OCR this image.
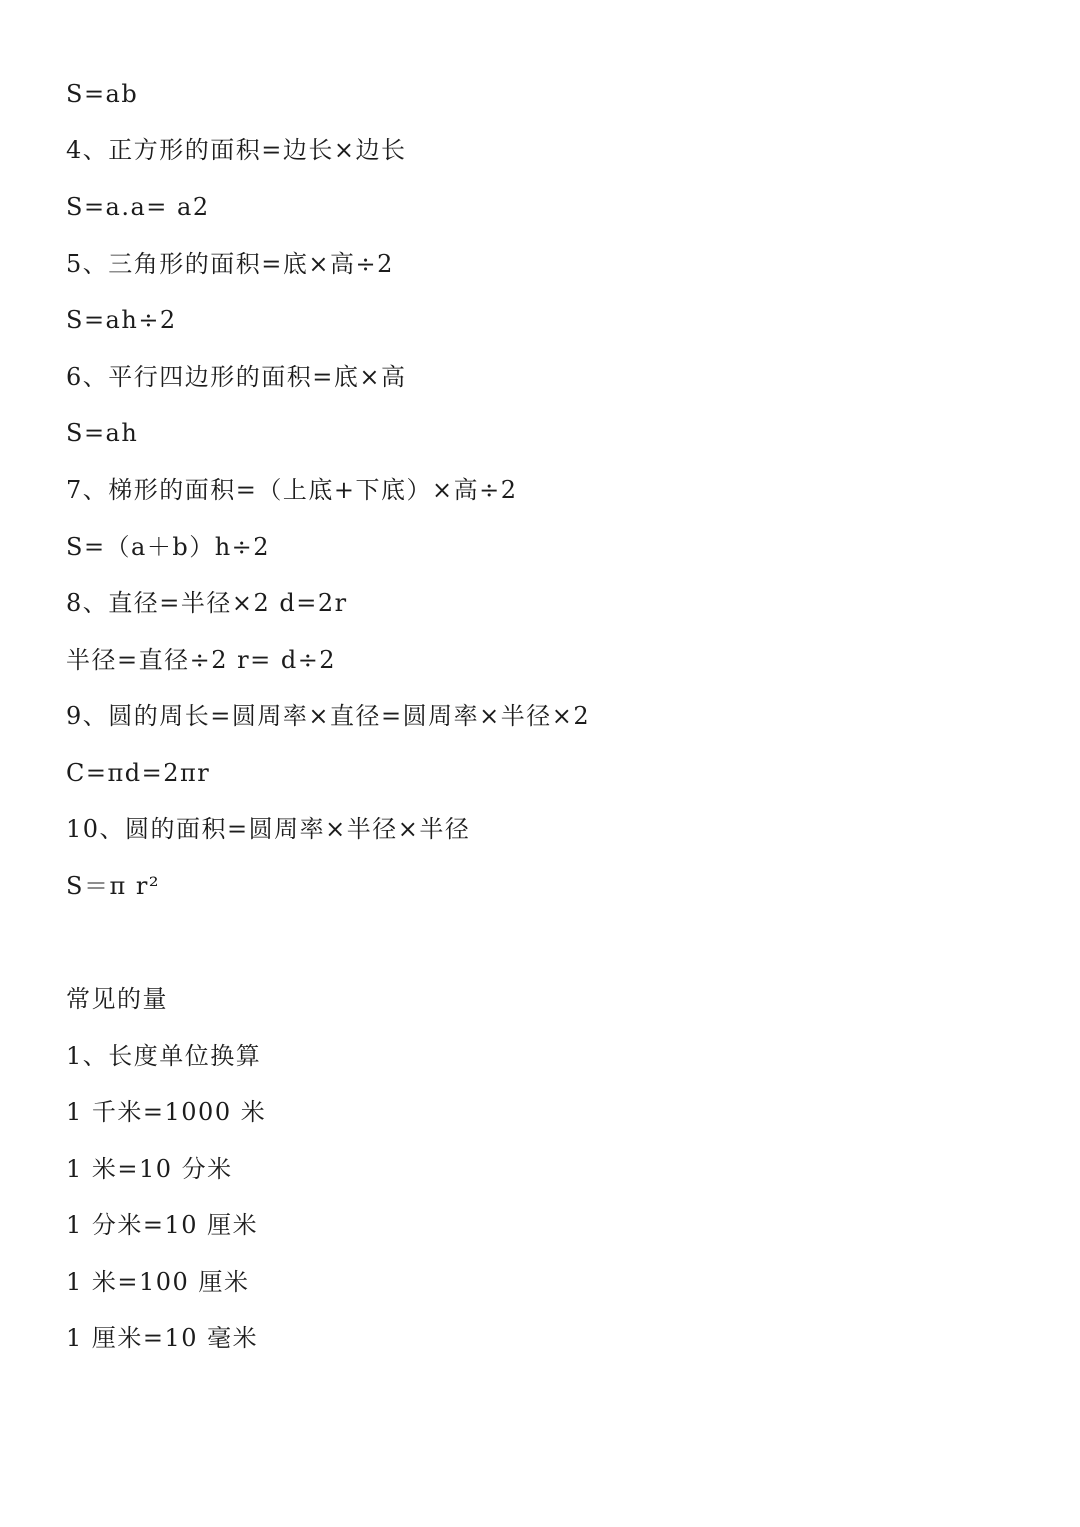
S=ab

4、正方形的面积=边长×边长

S=a.a= a2

5、三角形的面积=底×高÷2

S=ah÷2

6、平行四边形的面积=底×高

S=ah

7、梯形的面积=（上底+下底）×高÷2

S=（a＋b）h÷2

8、直径=半径×2 d=2r

半径=直径÷2 r= d÷2

9、圆的周长=圆周率×直径=圆周率×半径×2

C=πd=2πr

10、圆的面积=圆周率×半径×半径

S＝π r²

常见的量

1、长度单位换算

1 千米=1000 米

1 米=10 分米

1 分米=10 厘米

1 米=100 厘米

1 厘米=10 毫米
